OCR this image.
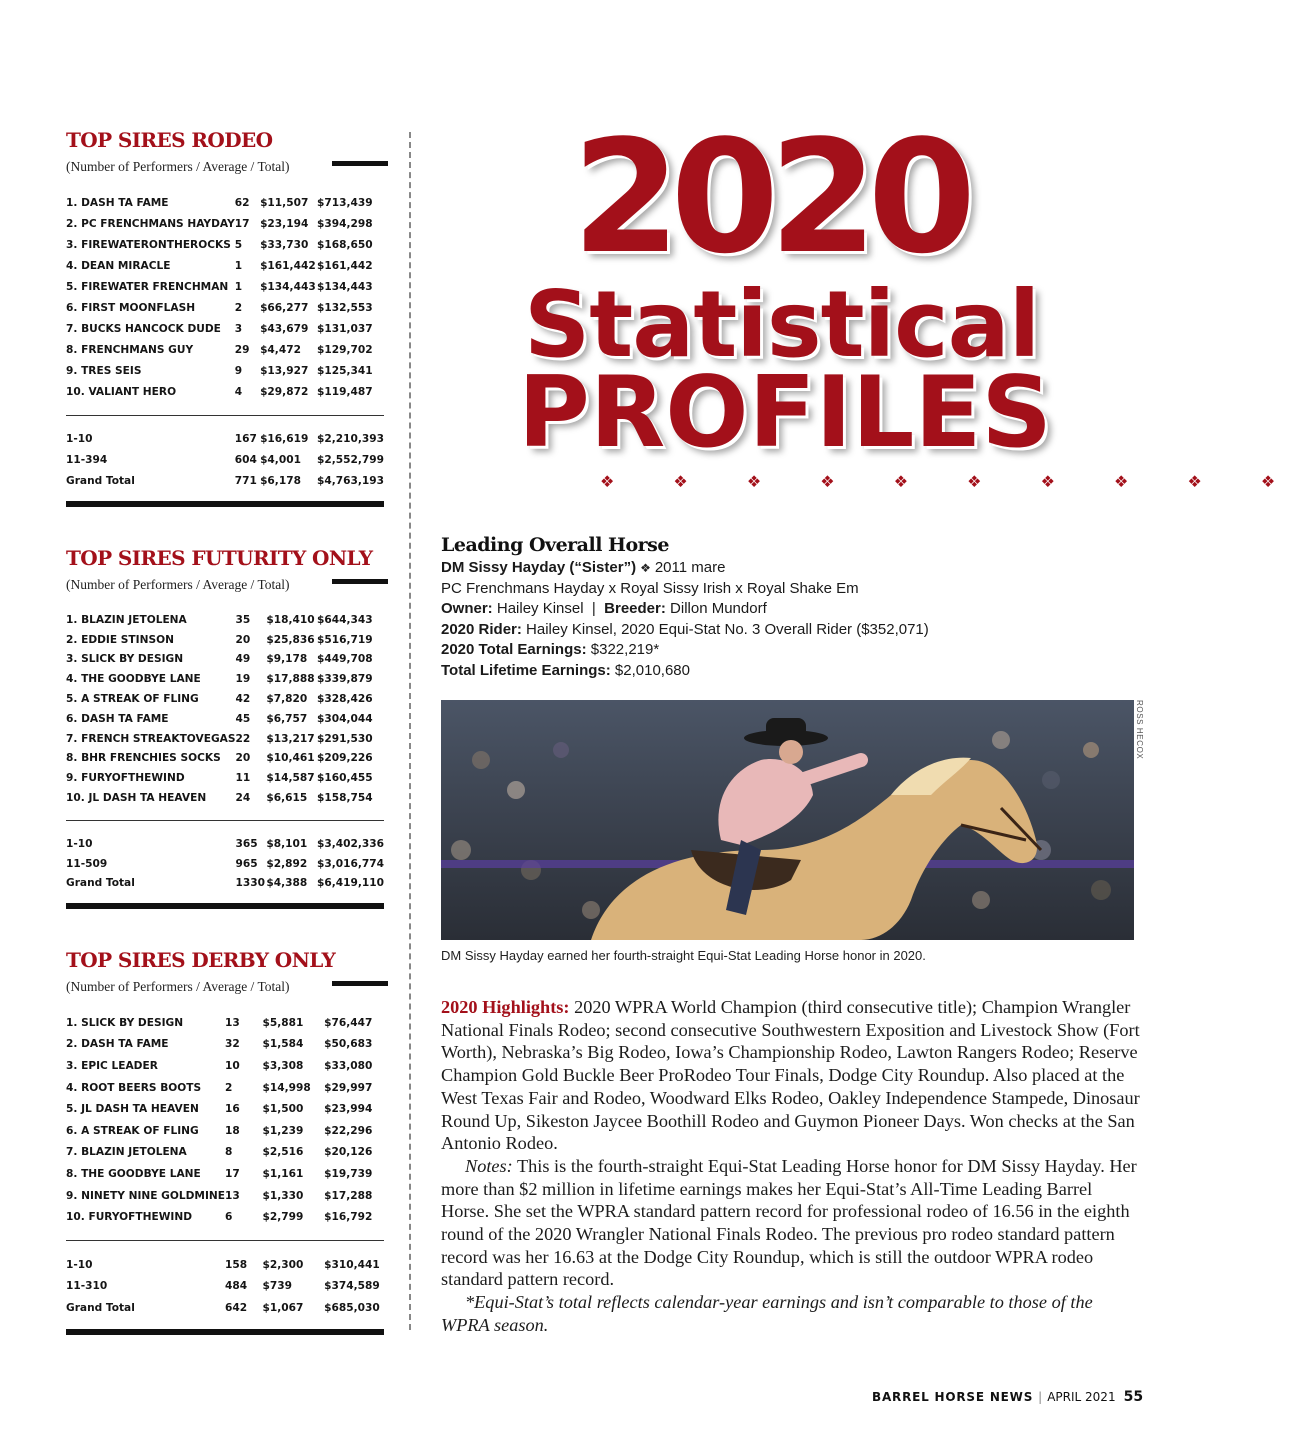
TOP SIRES RODEO
(Number of Performers / Average / Total)
1. DASH TA FAME	62	$11,507	$713,439
2. PC FRENCHMANS HAYDAY	17	$23,194	$394,298
3. FIREWATERONTHEROCKS	5	$33,730	$168,650
4. DEAN MIRACLE	1	$161,442	$161,442
5. FIREWATER FRENCHMAN	1	$134,443	$134,443
6. FIRST MOONFLASH	2	$66,277	$132,553
7. BUCKS HANCOCK DUDE	3	$43,679	$131,037
8. FRENCHMANS GUY	29	$4,472	$129,702
9. TRES SEIS	9	$13,927	$125,341
10. VALIANT HERO	4	$29,872	$119,487

1-10	167	$16,619	$2,210,393
11-394	604	$4,001	$2,552,799
Grand Total	771	$6,178	$4,763,193

TOP SIRES FUTURITY ONLY
(Number of Performers / Average / Total)
1. BLAZIN JETOLENA	35	$18,410	$644,343
2. EDDIE STINSON	20	$25,836	$516,719
3. SLICK BY DESIGN	49	$9,178	$449,708
4. THE GOODBYE LANE	19	$17,888	$339,879
5. A STREAK OF FLING	42	$7,820	$328,426
6. DASH TA FAME	45	$6,757	$304,044
7. FRENCH STREAKTOVEGAS	22	$13,217	$291,530
8. BHR FRENCHIES SOCKS	20	$10,461	$209,226
9. FURYOFTHEWIND	11	$14,587	$160,455
10. JL DASH TA HEAVEN	24	$6,615	$158,754

1-10	365	$8,101	$3,402,336
11-509	965	$2,892	$3,016,774
Grand Total	1330	$4,388	$6,419,110

TOP SIRES DERBY ONLY
(Number of Performers / Average / Total)
1. SLICK BY DESIGN	13	$5,881	$76,447
2. DASH TA FAME	32	$1,584	$50,683
3. EPIC LEADER	10	$3,308	$33,080
4. ROOT BEERS BOOTS	2	$14,998	$29,997
5. JL DASH TA HEAVEN	16	$1,500	$23,994
6. A STREAK OF FLING	18	$1,239	$22,296
7. BLAZIN JETOLENA	8	$2,516	$20,126
8. THE GOODBYE LANE	17	$1,161	$19,739
9. NINETY NINE GOLDMINE	13	$1,330	$17,288
10. FURYOFTHEWIND	6	$2,799	$16,792

1-10	158	$2,300	$310,441
11-310	484	$739	$374,589
Grand Total	642	$1,067	$685,030

2020
Statistical
PROFILES
❖ ❖ ❖ ❖ ❖ ❖ ❖ ❖ ❖ ❖
Leading Overall Horse
DM Sissy Hayday (“Sister”) ❖ 2011 mare
PC Frenchmans Hayday x Royal Sissy Irish x Royal Shake Em
Owner: Hailey Kinsel  |  Breeder: Dillon Mundorf
2020 Rider: Hailey Kinsel, 2020 Equi-Stat No. 3 Overall Rider ($352,071)
2020 Total Earnings: $322,219*
Total Lifetime Earnings: $2,010,680
ROSS HECOX
DM Sissy Hayday earned her fourth-straight Equi-Stat Leading Horse honor in 2020.

2020 Highlights: 2020 WPRA World Champion (third consecutive title); Champion Wrangler National Finals Rodeo; second consecutive Southwestern Exposition and Livestock Show (Fort Worth), Nebraska’s Big Rodeo, Iowa’s Championship Rodeo, Lawton Rangers Rodeo; Reserve Champion Gold Buckle Beer ProRodeo Tour Finals, Dodge City Roundup. Also placed at the West Texas Fair and Rodeo, Woodward Elks Rodeo, Oakley Independence Stampede, Dinosaur Round Up, Sikeston Jaycee Boothill Rodeo and Guymon Pioneer Days. Won checks at the San Antonio Rodeo.

Notes: This is the fourth-straight Equi-Stat Leading Horse honor for DM Sissy Hayday. Her more than $2 million in lifetime earnings makes her Equi-Stat’s All-Time Leading Barrel Horse. She set the WPRA standard pattern record for professional rodeo of 16.56 in the eighth round of the 2020 Wrangler National Finals Rodeo. The previous pro rodeo standard pattern record was her 16.63 at the Dodge City Roundup, which is still the outdoor WPRA rodeo standard pattern record.

*Equi-Stat’s total reflects calendar-year earnings and isn’t comparable to those of the WPRA season.

BARREL HORSE NEWS | APRIL 2021 55
